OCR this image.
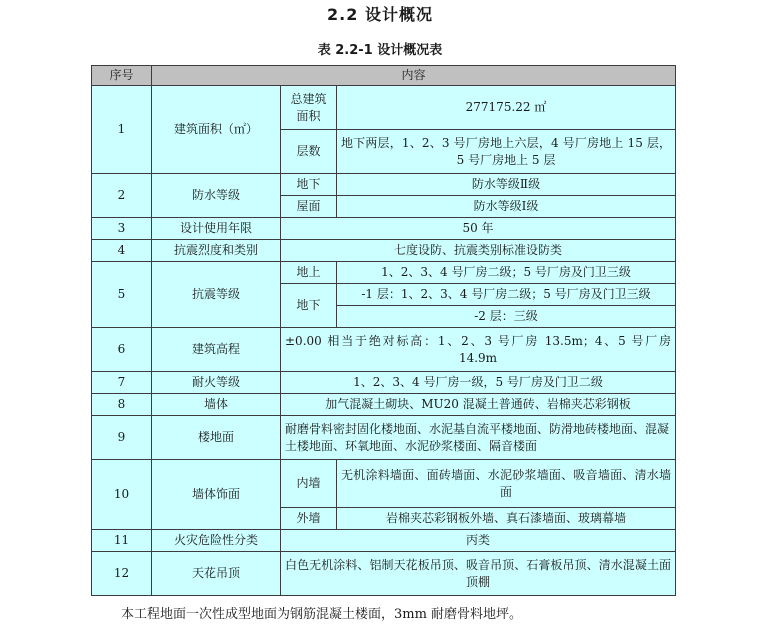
2.2 设计概况
表 2.2-1 设计概况表
序号	内容		
1	建筑面积（㎡）	总建筑面积	277175.22 ㎡
		层数	地下两层，1、2、3 号厂房地上六层，4 号厂房地上 15 层，5 号厂房地上 5 层
2	防水等级	地下	防水等级Ⅱ级
		屋面	防水等级Ⅰ级
3	设计使用年限	50 年	
4	抗震烈度和类别	七度设防、抗震类别标准设防类	
5	抗震等级	地上	1、2、3、4 号厂房二级；5 号厂房及门卫三级
		地下	-1 层：1、2、3、4 号厂房二级；5 号厂房及门卫三级
			-2 层：三级
6	建筑高程	±0.00 相当于绝对标高：1、2、3 号厂房 13.5m；4、5 号厂房 14.9m	
7	耐火等级	1、2、3、4 号厂房一级，5 号厂房及门卫二级	
8	墙体	加气混凝土砌块、MU20 混凝土普通砖、岩棉夹芯彩钢板	
9	楼地面	耐磨骨料密封固化楼地面、水泥基自流平楼地面、防滑地砖楼地面、混凝土楼地面、环氧地面、水泥砂浆楼面、隔音楼面	
10	墙体饰面	内墙	无机涂料墙面、面砖墙面、水泥砂浆墙面、吸音墙面、清水墙面
		外墙	岩棉夹芯彩钢板外墙、真石漆墙面、玻璃幕墙
11	火灾危险性分类	丙类	
12	天花吊顶	白色无机涂料、铝制天花板吊顶、吸音吊顶、石膏板吊顶、清水混凝土面顶棚	
本工程地面一次性成型地面为钢筋混凝土楼面，3mm 耐磨骨料地坪。
